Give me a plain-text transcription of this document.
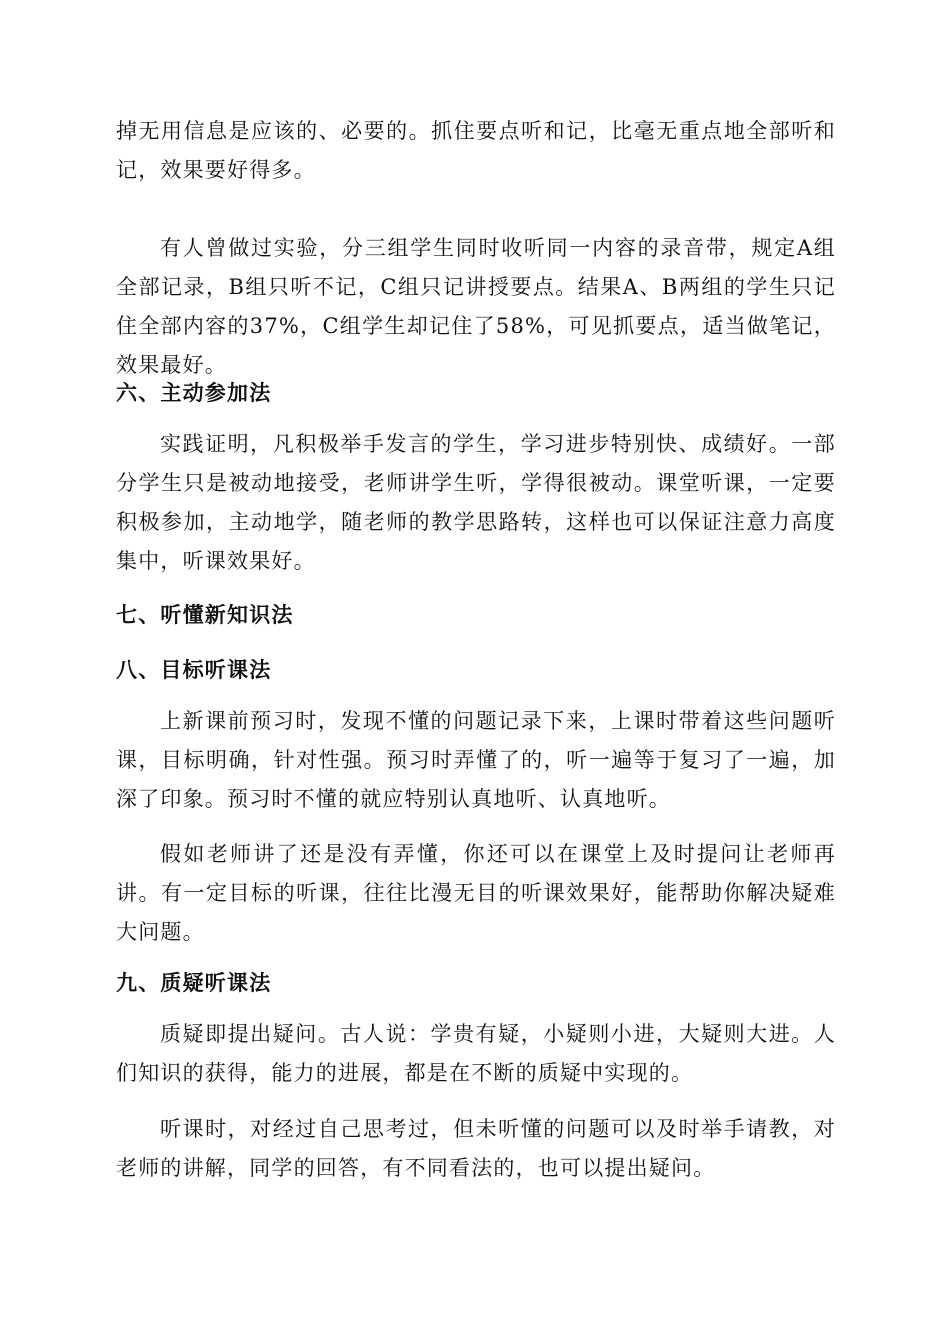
掉无用信息是应该的、必要的。抓住要点听和记，比毫无重点地全部听和记，效果要好得多。

有人曾做过实验，分三组学生同时收听同一内容的录音带，规定A组全部记录，B组只听不记，C组只记讲授要点。结果A、B两组的学生只记住全部内容的37%，C组学生却记住了58%，可见抓要点，适当做笔记，效果最好。

六、主动参加法

实践证明，凡积极举手发言的学生，学习进步特别快、成绩好。一部分学生只是被动地接受，老师讲学生听，学得很被动。课堂听课，一定要积极参加，主动地学，随老师的教学思路转，这样也可以保证注意力高度集中，听课效果好。

七、听懂新知识法
八、目标听课法

上新课前预习时，发现不懂的问题记录下来，上课时带着这些问题听课，目标明确，针对性强。预习时弄懂了的，听一遍等于复习了一遍，加深了印象。预习时不懂的就应特别认真地听、认真地听。

假如老师讲了还是没有弄懂，你还可以在课堂上及时提问让老师再讲。有一定目标的听课，往往比漫无目的听课效果好，能帮助你解决疑难大问题。

九、质疑听课法

质疑即提出疑问。古人说：学贵有疑，小疑则小进，大疑则大进。人们知识的获得，能力的进展，都是在不断的质疑中实现的。

听课时，对经过自己思考过，但未听懂的问题可以及时举手请教，对老师的讲解，同学的回答，有不同看法的，也可以提出疑问。
